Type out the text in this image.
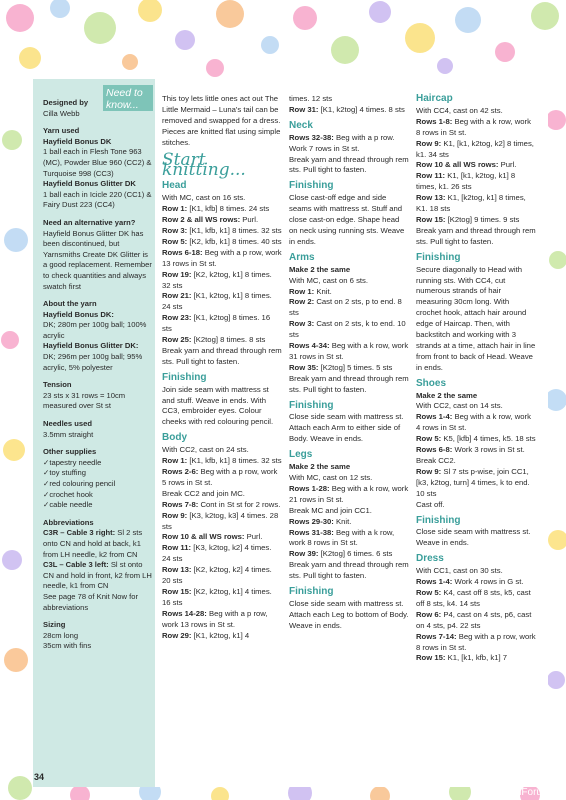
Need to know...
Designed by
Cilla Webb
Yarn used
Hayfield Bonus DK
1 ball each in Flesh Tone 963 (MC), Powder Blue 960 (CC2) & Turquoise 998 (CC3)
Hayfield Bonus Glitter DK
1 ball each in Icicle 220 (CC1) & Fairy Dust 223 (CC4)
Need an alternative yarn?
Hayfield Bonus Glitter DK has been discontinued, but Yarnsmiths Create DK Glitter is a good replacement. Remember to check quantities and always swatch first
About the yarn
Hayfield Bonus DK:
DK; 280m per 100g ball; 100% acrylic
Hayfield Bonus Glitter DK:
DK; 296m per 100g ball; 95% acrylic, 5% polyester
Tension
23 sts x 31 rows = 10cm measured over St st
Needles used
3.5mm straight
Other supplies
✓ tapestry needle
✓ toy stuffing
✓ red colouring pencil
✓ crochet hook
✓ cable needle
Abbreviations
C3R – Cable 3 right: Sl 2 sts onto CN and hold at back, k1 from LH needle, k2 from CN
C3L – Cable 3 left: Sl st onto CN and hold in front, k2 from LH needle, k1 from CN
See page 78 of Knit Now for abbreviations
Sizing
28cm long
35cm with fins

This toy lets little ones act out The Little Mermaid – Luna's tail can be removed and swapped for a dress. Pieces are knitted flat using simple stitches.

Start knitting...
Head

With MC, cast on 16 sts.

Row 1: [K1, kfb] 8 times. 24 sts

Row 2 & all WS rows: Purl.

Row 3: [K1, kfb, k1] 8 times. 32 sts

Row 5: [K2, kfb, k1] 8 times. 40 sts

Rows 6-18: Beg with a p row, work 13 rows in St st.

Row 19: [K2, k2tog, k1] 8 times. 32 sts

Row 21: [K1, k2tog, k1] 8 times. 24 sts

Row 23: [K1, k2tog] 8 times. 16 sts

Row 25: [K2tog] 8 times. 8 sts

Break yarn and thread through rem sts. Pull tight to fasten.

Finishing

Join side seam with mattress st and stuff. Weave in ends. With CC3, embroider eyes. Colour cheeks with red colouring pencil.

Body

With CC2, cast on 24 sts.

Row 1: [K1, kfb, k1] 8 times. 32 sts

Rows 2-6: Beg with a p row, work 5 rows in St st.

Break CC2 and join MC.

Rows 7-8: Cont in St st for 2 rows.

Row 9: [K3, k2tog, k3] 4 times. 28 sts

Row 10 & all WS rows: Purl.

Row 11: [K3, k2tog, k2] 4 times. 24 sts

Row 13: [K2, k2tog, k2] 4 times. 20 sts

Row 15: [K2, k2tog, k1] 4 times. 16 sts

Rows 14-28: Beg with a p row, work 13 rows in St st.

Row 29: [K1, k2tog, k1] 4

times. 12 sts

Row 31: [K1, k2tog] 4 times. 8 sts

Neck

Rows 32-38: Beg with a p row. Work 7 rows in St st.

Break yarn and thread through rem sts. Pull tight to fasten.

Finishing

Close cast-off edge and side seams with mattress st. Stuff and close cast-on edge. Shape head on neck using running sts. Weave in ends.

Arms

Make 2 the same

With MC, cast on 6 sts.

Row 1: Knit.

Row 2: Cast on 2 sts, p to end. 8 sts

Row 3: Cast on 2 sts, k to end. 10 sts

Rows 4-34: Beg with a k row, work 31 rows in St st.

Row 35: [K2tog] 5 times. 5 sts

Break yarn and thread through rem sts. Pull tight to fasten.

Finishing

Close side seam with mattress st. Attach each Arm to either side of Body. Weave in ends.

Legs

Make 2 the same

With MC, cast on 12 sts.

Rows 1-28: Beg with a k row, work 21 rows in St st.

Break MC and join CC1.

Rows 29-30: Knit.

Rows 31-38: Beg with a k row, work 8 rows in St st.

Row 39: [K2tog] 6 times. 6 sts

Break yarn and thread through rem sts. Pull tight to fasten.

Finishing

Close side seam with mattress st. Attach each Leg to bottom of Body. Weave in ends.

Haircap

With CC4, cast on 42 sts.

Rows 1-8: Beg with a k row, work 8 rows in St st.

Row 9: K1, [k1, k2tog, k2] 8 times, k1. 34 sts

Row 10 & all WS rows: Purl.

Row 11: K1, [k1, k2tog, k1] 8 times, k1. 26 sts

Row 13: K1, [k2tog, k1] 8 times, K1. 18 sts

Row 15: [K2tog] 9 times. 9 sts

Break yarn and thread through rem sts. Pull tight to fasten.

Finishing

Secure diagonally to Head with running sts. With CC4, cut numerous strands of hair measuring 30cm long. With crochet hook, attach hair around edge of Haircap. Then, with backstitch and working with 3 strands at a time, attach hair in line from front to back of Head. Weave in ends.

Shoes

Make 2 the same

With CC2, cast on 14 sts.

Rows 1-4: Beg with a k row, work 4 rows in St st.

Row 5: K5, [kfb] 4 times, k5. 18 sts

Rows 6-8: Work 3 rows in St st.

Break CC2.

Row 9: Sl 7 sts p-wise, join CC1, [k3, k2tog, turn] 4 times, k to end. 10 sts

Cast off.

Finishing

Close side seam with mattress st. Weave in ends.

Dress

With CC1, cast on 30 sts.

Rows 1-4: Work 4 rows in G st.

Row 5: K4, cast off 8 sts, k5, cast off 8 sts, k4. 14 sts

Row 6: P4, cast on 4 sts, p6, cast on 4 sts, p4. 22 sts

Rows 7-14: Beg with a p row, work 8 rows in St st.

Row 15: K1, [k1, kfb, k1] 7

34
PassionForum.ru
